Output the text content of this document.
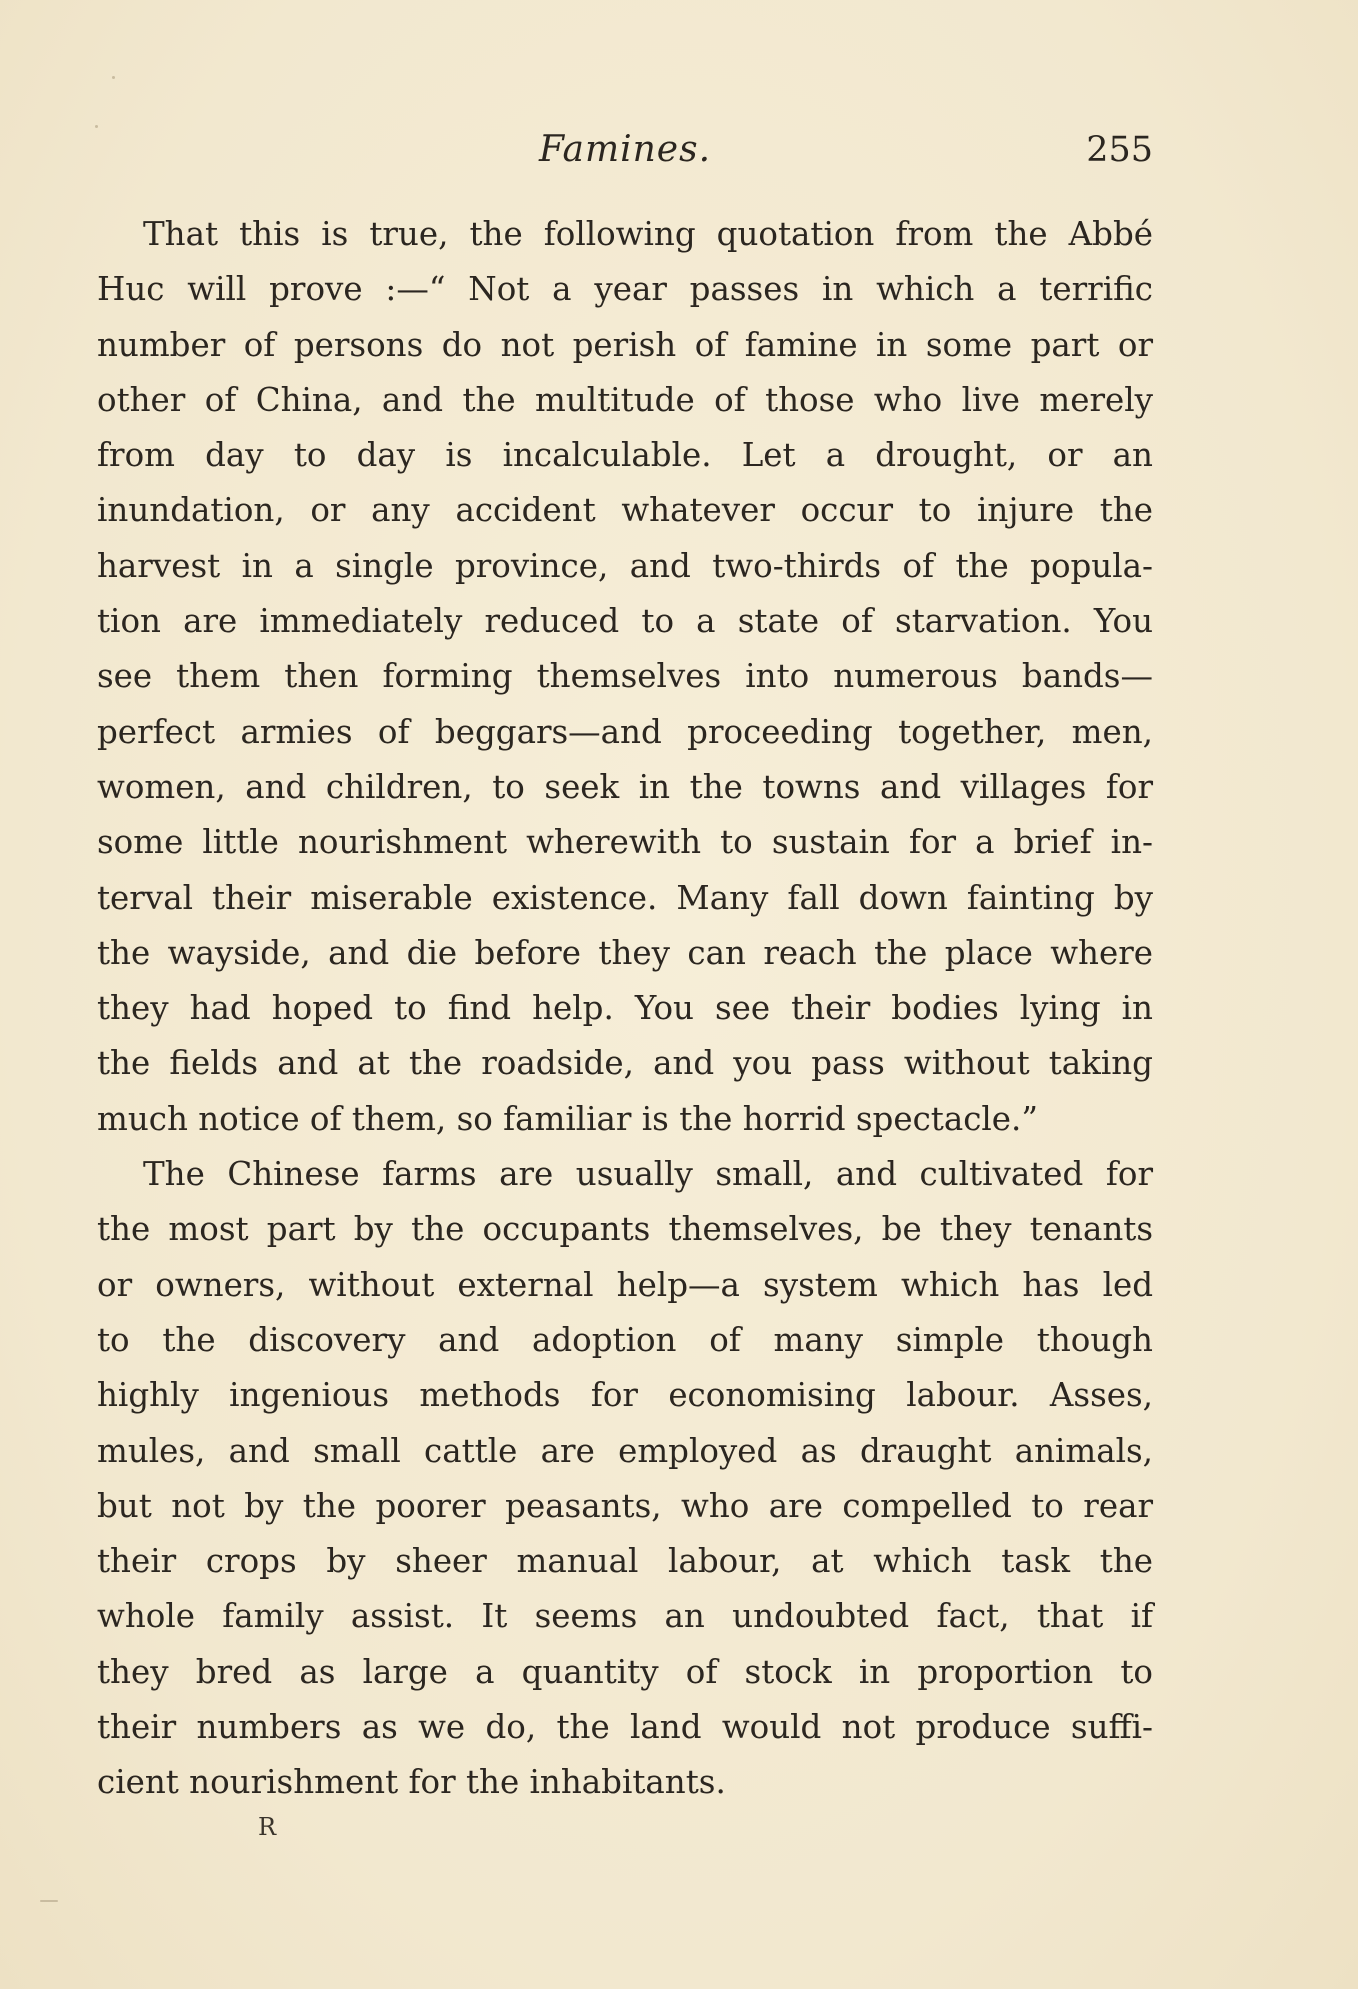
Famines.	255
That this is true, the following quotation from the Abbé
Huc will prove :—“ Not a year passes in which a terrific
number of persons do not perish of famine in some part or
other of China, and the multitude of those who live merely
from day to day is incalculable. Let a drought, or an
inundation, or any accident whatever occur to injure the
harvest in a single province, and two-thirds of the popula-
tion are immediately reduced to a state of starvation. You
see them then forming themselves into numerous bands—
perfect armies of beggars—and proceeding together, men,
women, and children, to seek in the towns and villages for
some little nourishment wherewith to sustain for a brief in-
terval their miserable existence. Many fall down fainting by
the wayside, and die before they can reach the place where
they had hoped to find help. You see their bodies lying in
the fields and at the roadside, and you pass without taking
much notice of them, so familiar is the horrid spectacle.”
The Chinese farms are usually small, and cultivated for
the most part by the occupants themselves, be they tenants
or owners, without external help—a system which has led
to the discovery and adoption of many simple though
highly ingenious methods for economising labour. Asses,
mules, and small cattle are employed as draught animals,
but not by the poorer peasants, who are compelled to rear
their crops by sheer manual labour, at which task the
whole family assist. It seems an undoubted fact, that if
they bred as large a quantity of stock in proportion to
their numbers as we do, the land would not produce suffi-
cient nourishment for the inhabitants.
R
